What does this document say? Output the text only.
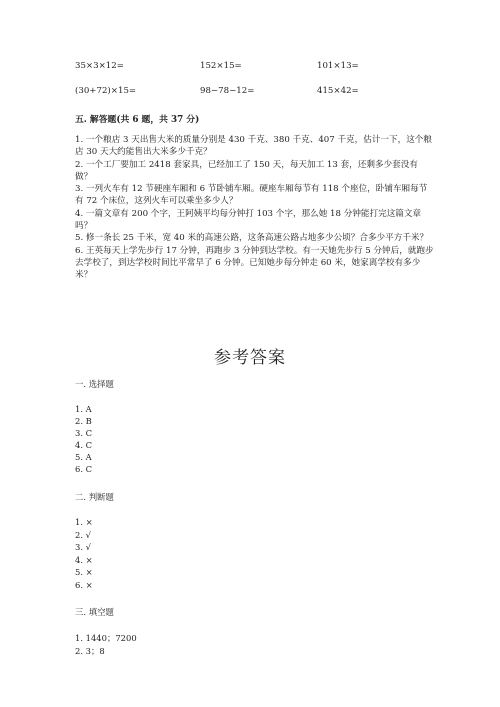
35×3×12=	152×15=	101×13=
(30+72)×15=	98−78−12=	415×42=
五. 解答题(共 6 题，共 37 分)

1. 一个粮店 3 天出售大米的质量分别是 430 千克、380 千克、407 千克，估计一下，这个粮店 30 天大约能售出大米多少千克？

2. 一个工厂要加工 2418 套家具，已经加工了 150 天，每天加工 13 套，还剩多少套没有做？

3. 一列火车有 12 节硬座车厢和 6 节卧铺车厢。硬座车厢每节有 118 个座位，卧铺车厢每节有 72 个床位，这列火车可以乘坐多少人？

4. 一篇文章有 200 个字，王阿姨平均每分钟打 103 个字，那么她 18 分钟能打完这篇文章吗？

5. 修一条长 25 千米，宽 40 米的高速公路，这条高速公路占地多少公顷？合多少平方千米？

6. 王英每天上学先步行 17 分钟，再跑步 3 分钟到达学校。有一天她先步行 5 分钟后，就跑步去学校了，到达学校时间比平常早了 6 分钟。已知她步每分钟走 60 米，她家离学校有多少米？

参考答案
一. 选择题
1. A
2. B
3. C
4. C
5. A
6. C
二. 判断题
1. ×
2. √
3. √
4. ×
5. ×
6. ×
三. 填空题
1. 1440；7200
2. 3；8
